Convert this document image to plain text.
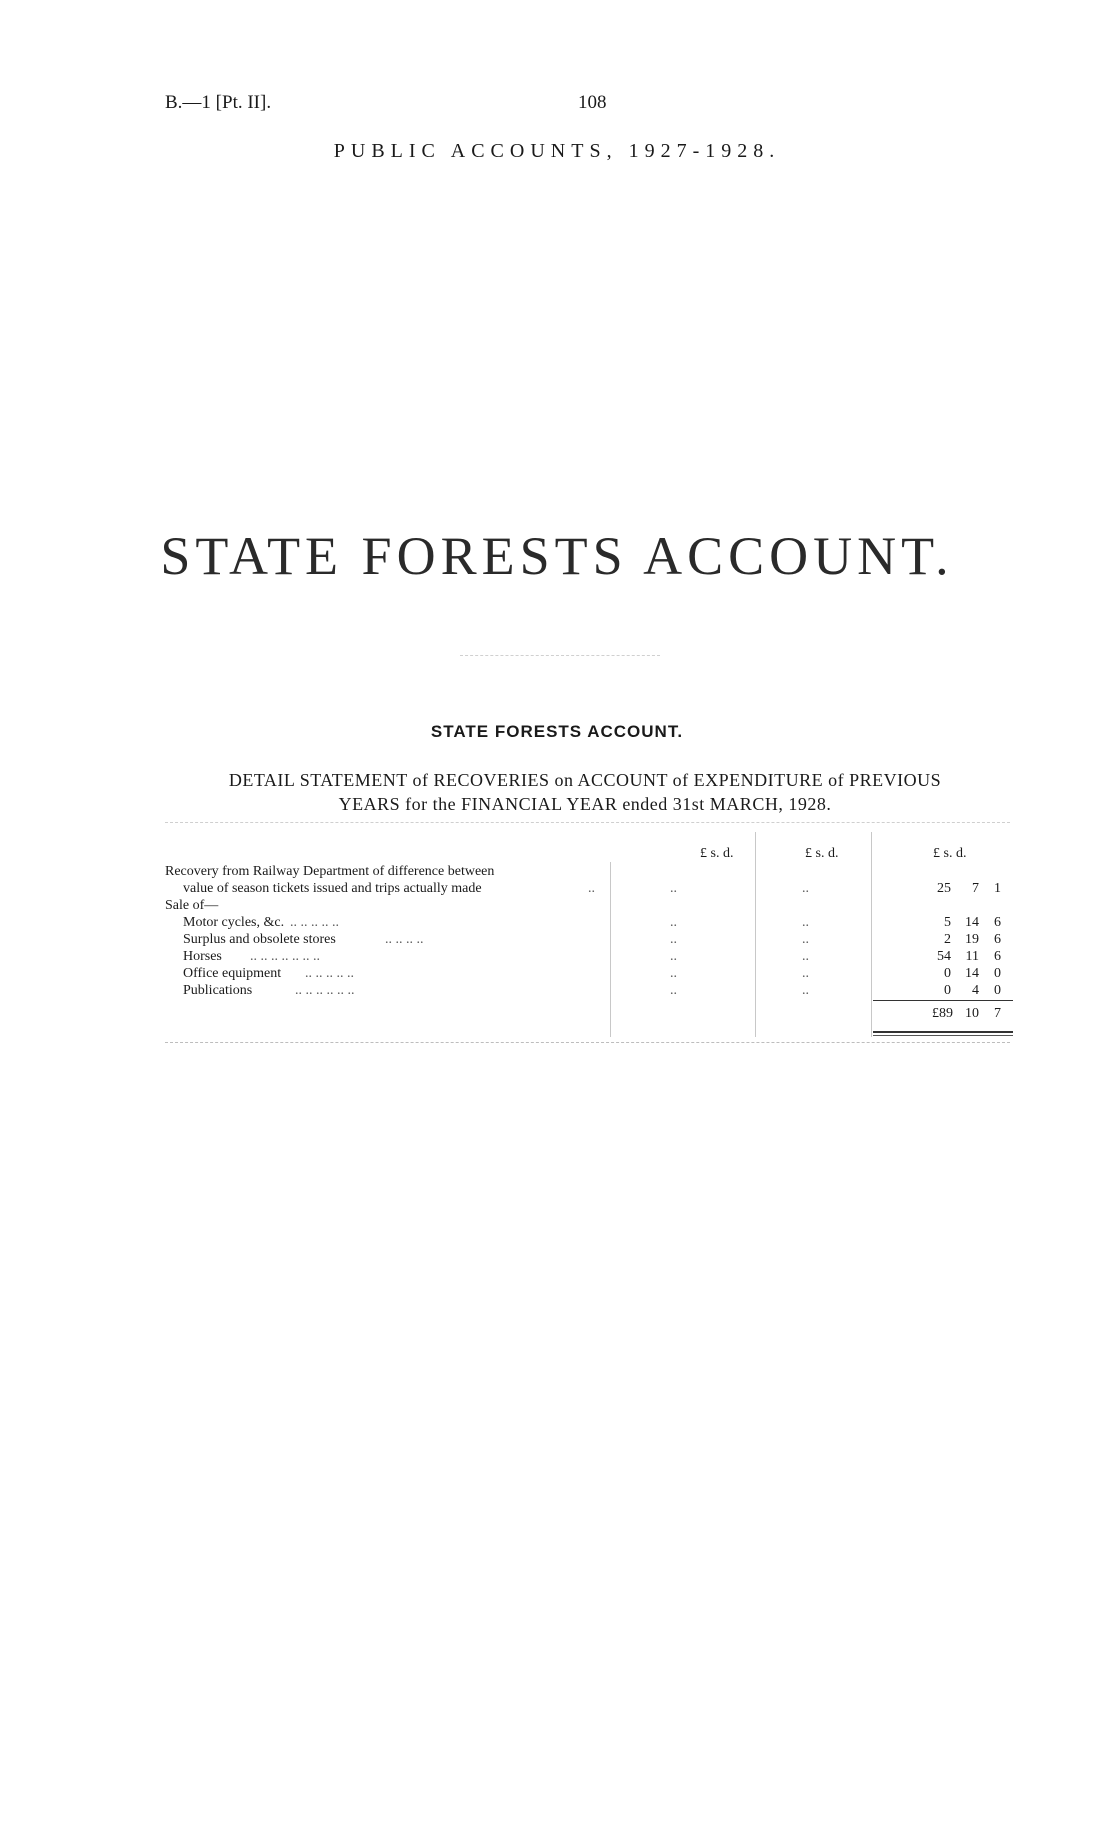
B.—1 [Pt. II].	108
PUBLIC ACCOUNTS, 1927-1928.
STATE FORESTS ACCOUNT.
STATE FORESTS ACCOUNT.
DETAIL STATEMENT of RECOVERIES on ACCOUNT of EXPENDITURE of PREVIOUS
YEARS for the FINANCIAL YEAR ended 31st MARCH, 1928.
£ s. d.	£ s. d.	£ s. d.
Recovery from Railway Department of difference between
value of season tickets issued and trips actually made	..	..	..	25	7	1
Sale of—
Motor cycles, &c. .. .. .. .. ..	..	..	5	14	6
Surplus and obsolete stores	.. .. .. ..	..	..	2	19	6
Horses .. .. .. .. .. .. ..	..	..	54	11	6
Office equipment .. .. .. .. ..	..	..	0	14	0
Publications	.. .. .. .. .. ..	..	..	0	4	0
£89 10	7
